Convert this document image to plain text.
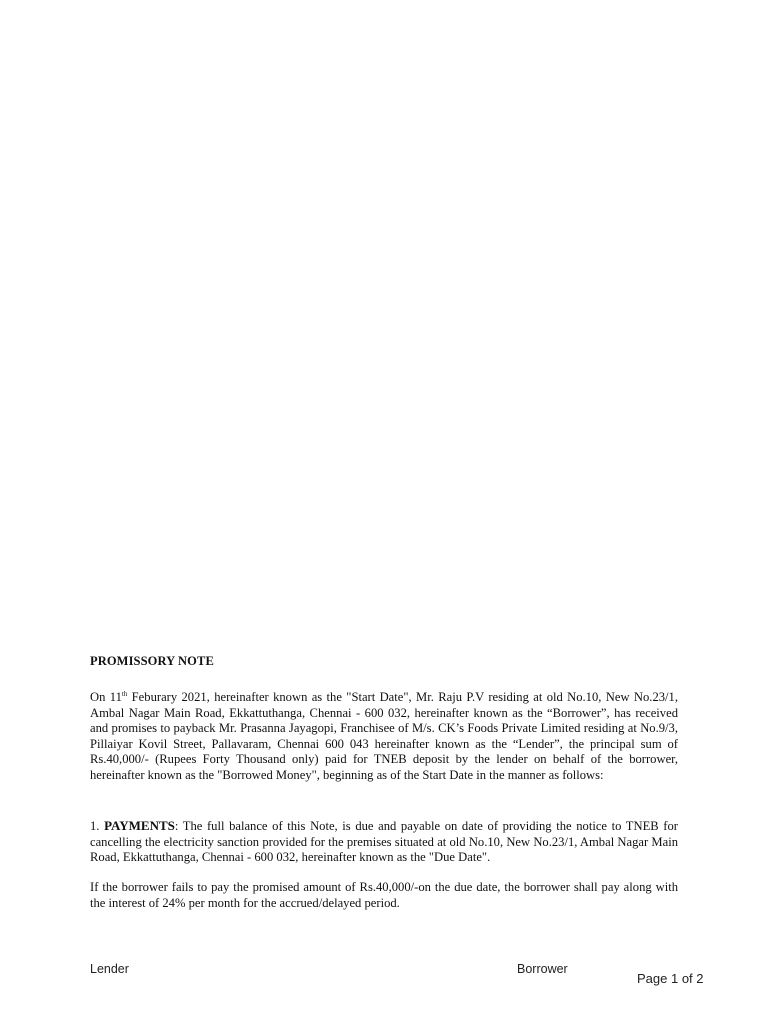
PROMISSORY NOTE

On 11th Feburary 2021, hereinafter known as the "Start Date", Mr. Raju P.V residing at old No.10, New No.23/1, Ambal Nagar Main Road, Ekkattuthanga, Chennai - 600 032, hereinafter known as the “Borrower”, has received and promises to payback Mr. Prasanna Jayagopi, Franchisee of M/s. CK’s Foods Private Limited residing at No.9/3, Pillaiyar Kovil Street, Pallavaram, Chennai 600 043 hereinafter known as the “Lender”, the principal sum of Rs.40,000/- (Rupees Forty Thousand only) paid for TNEB deposit by the lender on behalf of the borrower, hereinafter known as the "Borrowed Money", beginning as of the Start Date in the manner as follows:

1. PAYMENTS: The full balance of this Note, is due and payable on date of providing the notice to TNEB for cancelling the electricity sanction provided for the premises situated at old No.10, New No.23/1, Ambal Nagar Main Road, Ekkattuthanga, Chennai - 600 032, hereinafter known as the "Due Date".

If the borrower fails to pay the promised amount of Rs.40,000/-on the due date, the borrower shall pay along with the interest of 24% per month for the accrued/delayed period.

Lender	Borrower
Page 1 of 2
